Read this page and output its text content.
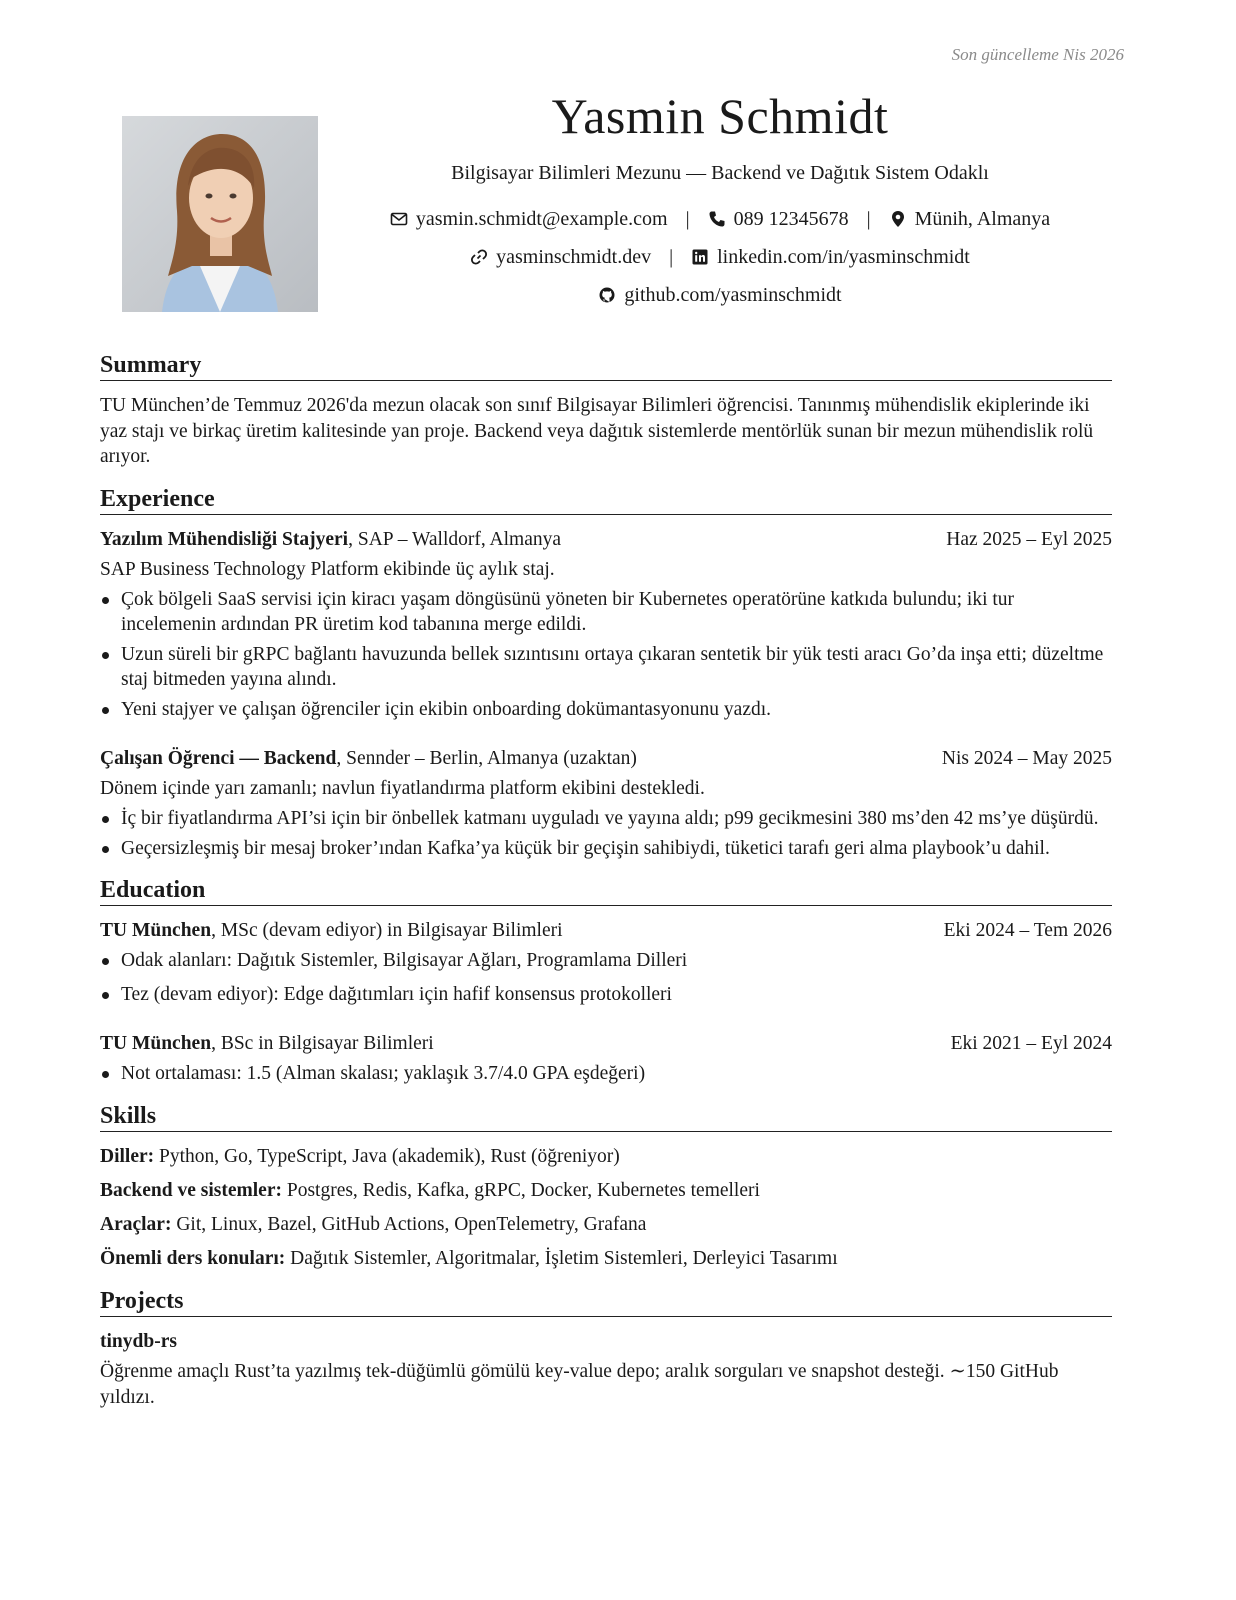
Son güncelleme Nis 2026
Yasmin Schmidt
Bilgisayar Bilimleri Mezunu — Backend ve Dağıtık Sistem Odaklı
yasmin.schmidt@example.com | 089 12345678 | Münih, Almanya
yasminschmidt.dev | linkedin.com/in/yasminschmidt
github.com/yasminschmidt
Summary

TU München’de Temmuz 2026'da mezun olacak son sınıf Bilgisayar Bilimleri öğrencisi. Tanınmış mühendislik ekiplerinde iki yaz stajı ve birkaç üretim kalitesinde yan proje. Backend veya dağıtık sistemlerde mentörlük sunan bir mezun mühendislik rolü arıyor.

Experience
Yazılım Mühendisliği Stajyeri, SAP – Walldorf, Almanya	Haz 2025 – Eyl 2025
SAP Business Technology Platform ekibinde üç aylık staj.
Çok bölgeli SaaS servisi için kiracı yaşam döngüsünü yöneten bir Kubernetes operatörüne katkıda bulundu; iki tur incelemenin ardından PR üretim kod tabanına merge edildi.
Uzun süreli bir gRPC bağlantı havuzunda bellek sızıntısını ortaya çıkaran sentetik bir yük testi aracı Go’da inşa etti; düzeltme staj bitmeden yayına alındı.
Yeni stajyer ve çalışan öğrenciler için ekibin onboarding dokümantasyonunu yazdı.
Çalışan Öğrenci — Backend, Sennder – Berlin, Almanya (uzaktan)	Nis 2024 – May 2025
Dönem içinde yarı zamanlı; navlun fiyatlandırma platform ekibini destekledi.
İç bir fiyatlandırma API’si için bir önbellek katmanı uyguladı ve yayına aldı; p99 gecikmesini 380 ms’den 42 ms’ye düşürdü.
Geçersizleşmiş bir mesaj broker’ından Kafka’ya küçük bir geçişin sahibiydi, tüketici tarafı geri alma playbook’u dahil.
Education
TU München, MSc (devam ediyor) in Bilgisayar Bilimleri	Eki 2024 – Tem 2026
Odak alanları: Dağıtık Sistemler, Bilgisayar Ağları, Programlama Dilleri
Tez (devam ediyor): Edge dağıtımları için hafif konsensus protokolleri
TU München, BSc in Bilgisayar Bilimleri	Eki 2021 – Eyl 2024
Not ortalaması: 1.5 (Alman skalası; yaklaşık 3.7/4.0 GPA eşdeğeri)
Skills
Diller: Python, Go, TypeScript, Java (akademik), Rust (öğreniyor)
Backend ve sistemler: Postgres, Redis, Kafka, gRPC, Docker, Kubernetes temelleri
Araçlar: Git, Linux, Bazel, GitHub Actions, OpenTelemetry, Grafana
Önemli ders konuları: Dağıtık Sistemler, Algoritmalar, İşletim Sistemleri, Derleyici Tasarımı
Projects
tinydb-rs
Öğrenme amaçlı Rust’ta yazılmış tek-düğümlü gömülü key-value depo; aralık sorguları ve snapshot desteği. ∼150 GitHub yıldızı.
